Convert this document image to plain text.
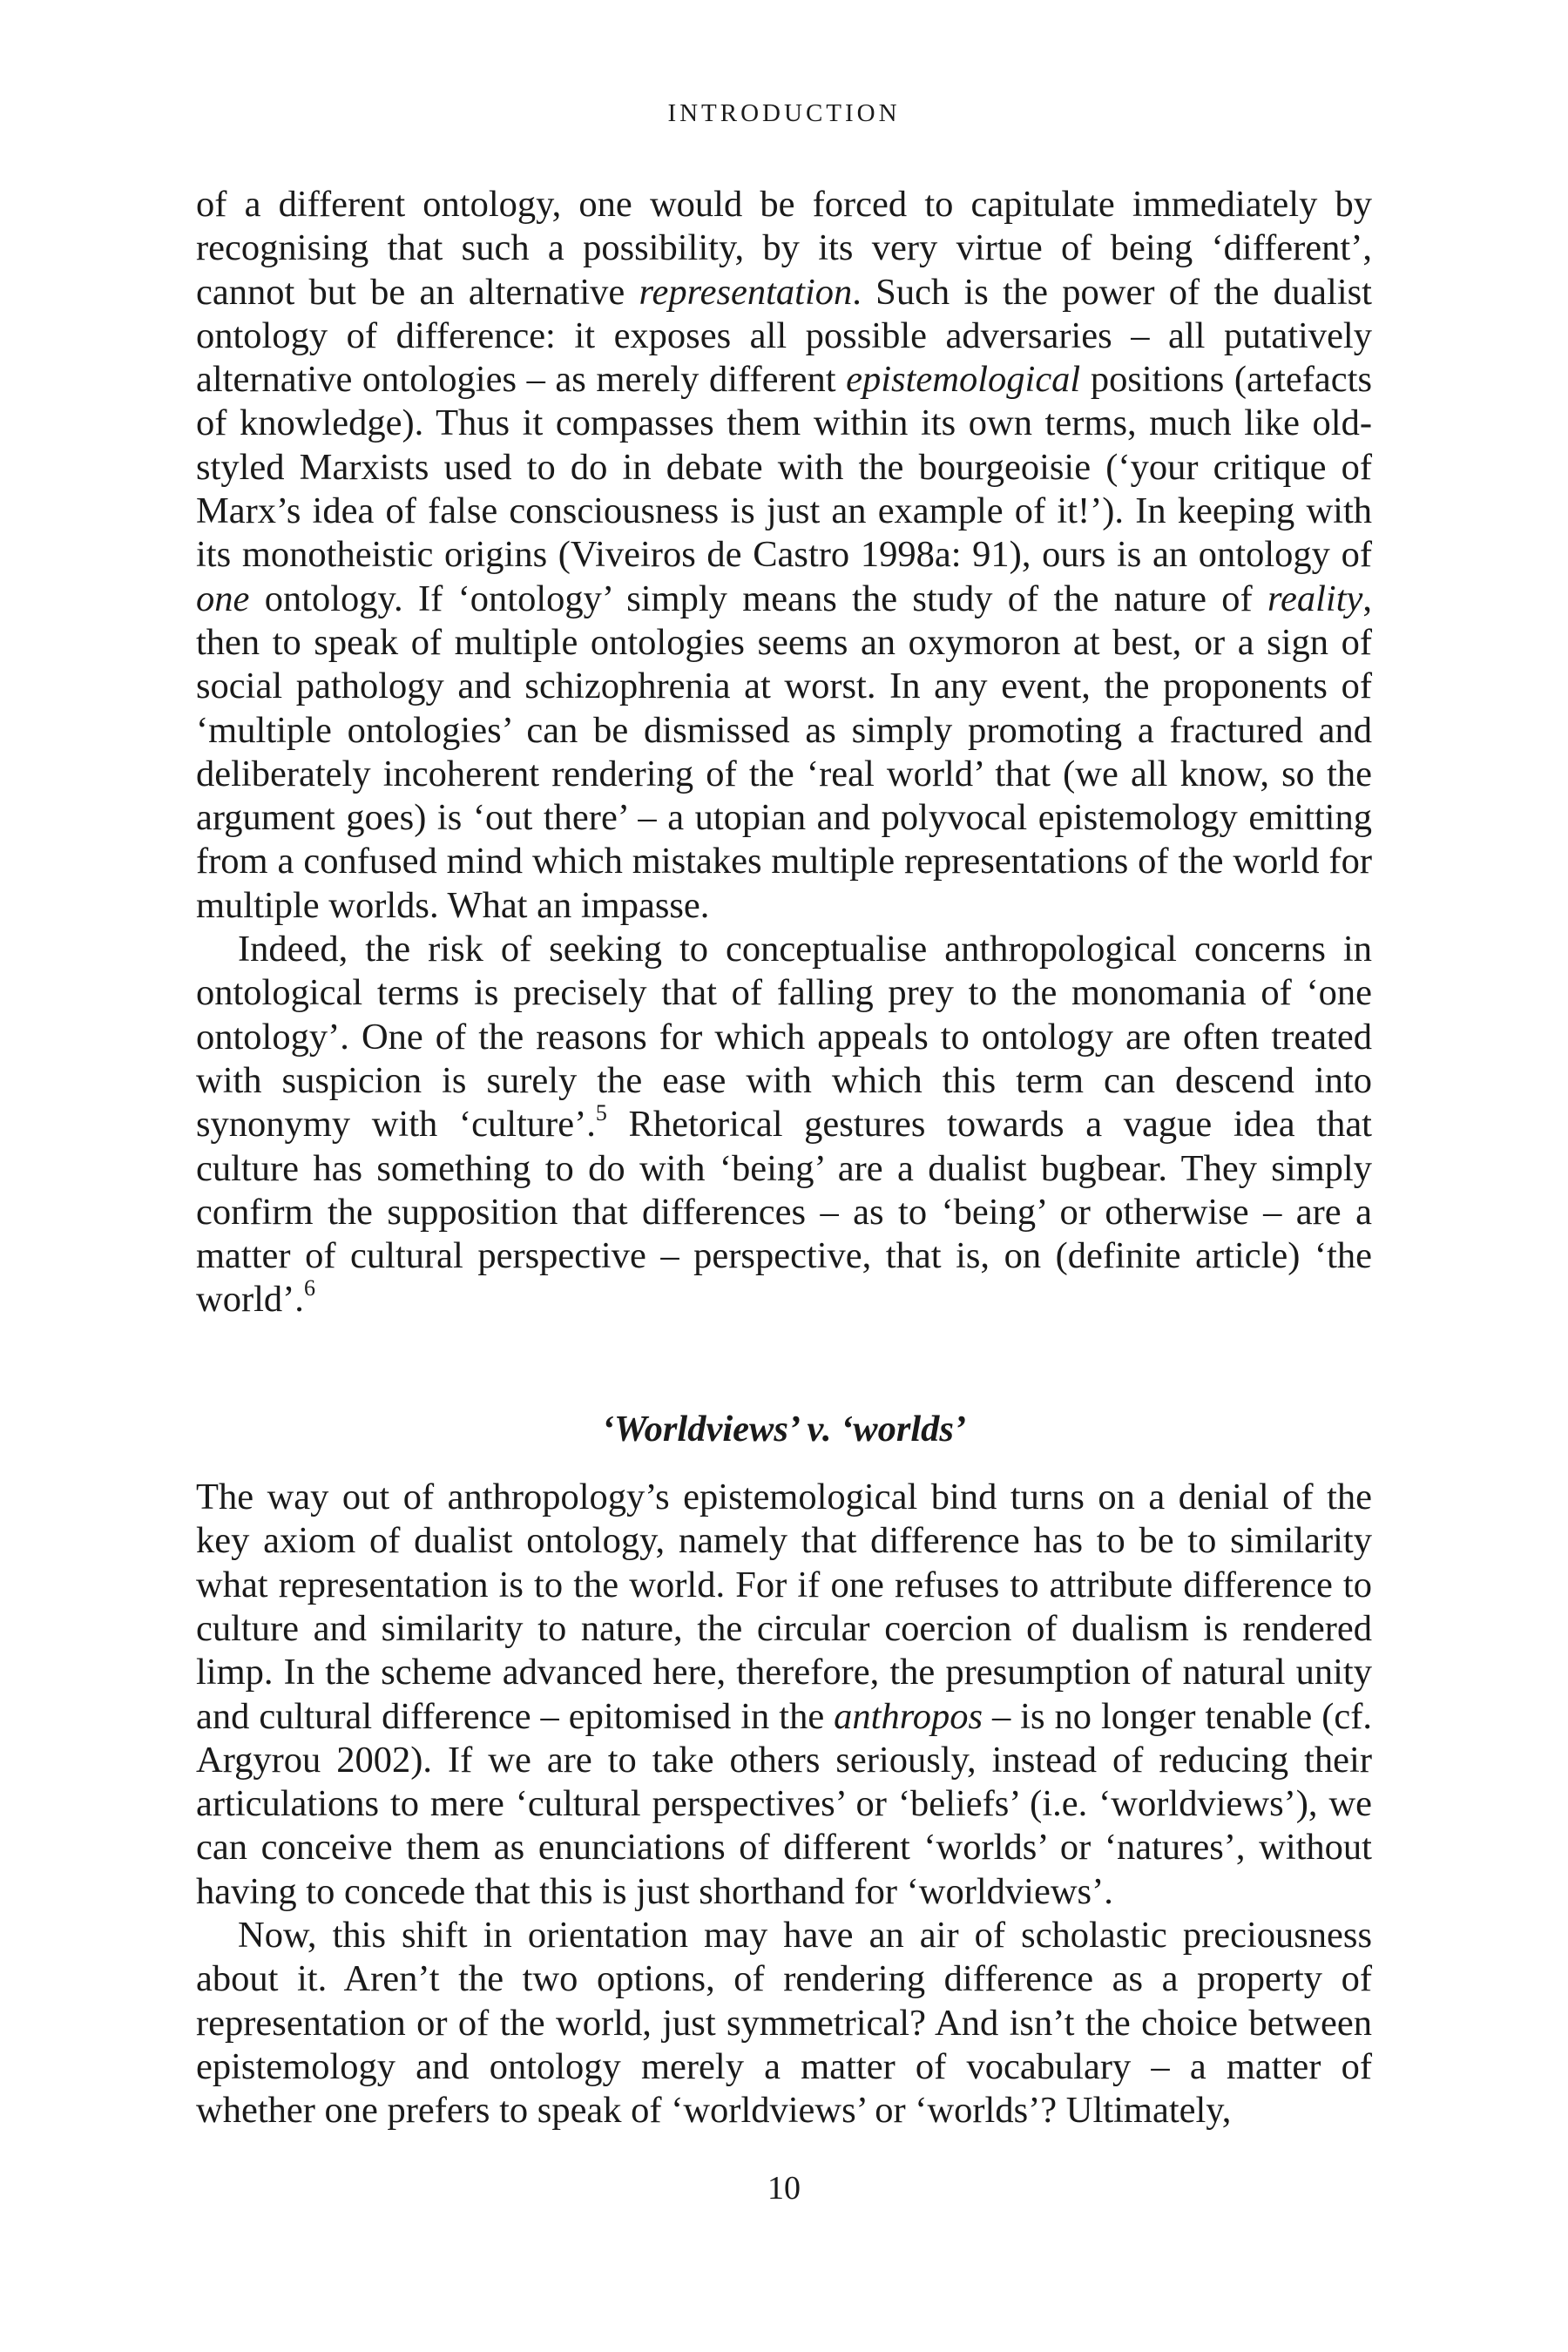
INTRODUCTION

of a different ontology, one would be forced to capitulate immediately by recognising that such a possibility, by its very virtue of being ‘different’, cannot but be an alternative representation. Such is the power of the dualist ontology of difference: it exposes all possible adversaries – all putatively alternative ontologies – as merely different epistemological positions (artefacts of knowledge). Thus it compasses them within its own terms, much like old-styled Marxists used to do in debate with the bourgeoisie (‘your critique of Marx’s idea of false consciousness is just an example of it!’). In keeping with its monotheistic origins (Viveiros de Castro 1998a: 91), ours is an ontology of one ontology. If ‘ontology’ simply means the study of the nature of reality, then to speak of multiple ontologies seems an oxymoron at best, or a sign of social pathology and schizophrenia at worst. In any event, the proponents of ‘multiple ontologies’ can be dismissed as simply promoting a fractured and deliberately incoherent rendering of the ‘real world’ that (we all know, so the argument goes) is ‘out there’ – a utopian and polyvocal epistemology emitting from a confused mind which mistakes multiple representations of the world for multiple worlds. What an impasse.

Indeed, the risk of seeking to conceptualise anthropological concerns in ontological terms is precisely that of falling prey to the monomania of ‘one ontology’. One of the reasons for which appeals to ontology are often treated with suspicion is surely the ease with which this term can descend into synonymy with ‘culture’.$^5$ Rhetorical gestures towards a vague idea that culture has something to do with ‘being’ are a dualist bugbear. They simply confirm the supposition that differences – as to ‘being’ or otherwise – are a matter of cultural perspective – perspective, that is, on (definite article) ‘the world’.$^6$

‘Worldviews’ v. ‘worlds’

The way out of anthropology’s epistemological bind turns on a denial of the key axiom of dualist ontology, namely that difference has to be to similarity what representation is to the world. For if one refuses to attribute difference to culture and similarity to nature, the circular coercion of dualism is rendered limp. In the scheme advanced here, therefore, the presumption of natural unity and cultural difference – epitomised in the anthropos – is no longer tenable (cf. Argyrou 2002). If we are to take others seriously, instead of reducing their articulations to mere ‘cultural perspectives’ or ‘beliefs’ (i.e. ‘worldviews’), we can conceive them as enunciations of different ‘worlds’ or ‘natures’, without having to concede that this is just shorthand for ‘worldviews’.

Now, this shift in orientation may have an air of scholastic preciousness about it. Aren’t the two options, of rendering difference as a property of representation or of the world, just symmetrical? And isn’t the choice between epistemology and ontology merely a matter of vocabulary – a matter of whether one prefers to speak of ‘worldviews’ or ‘worlds’? Ultimately,

10
